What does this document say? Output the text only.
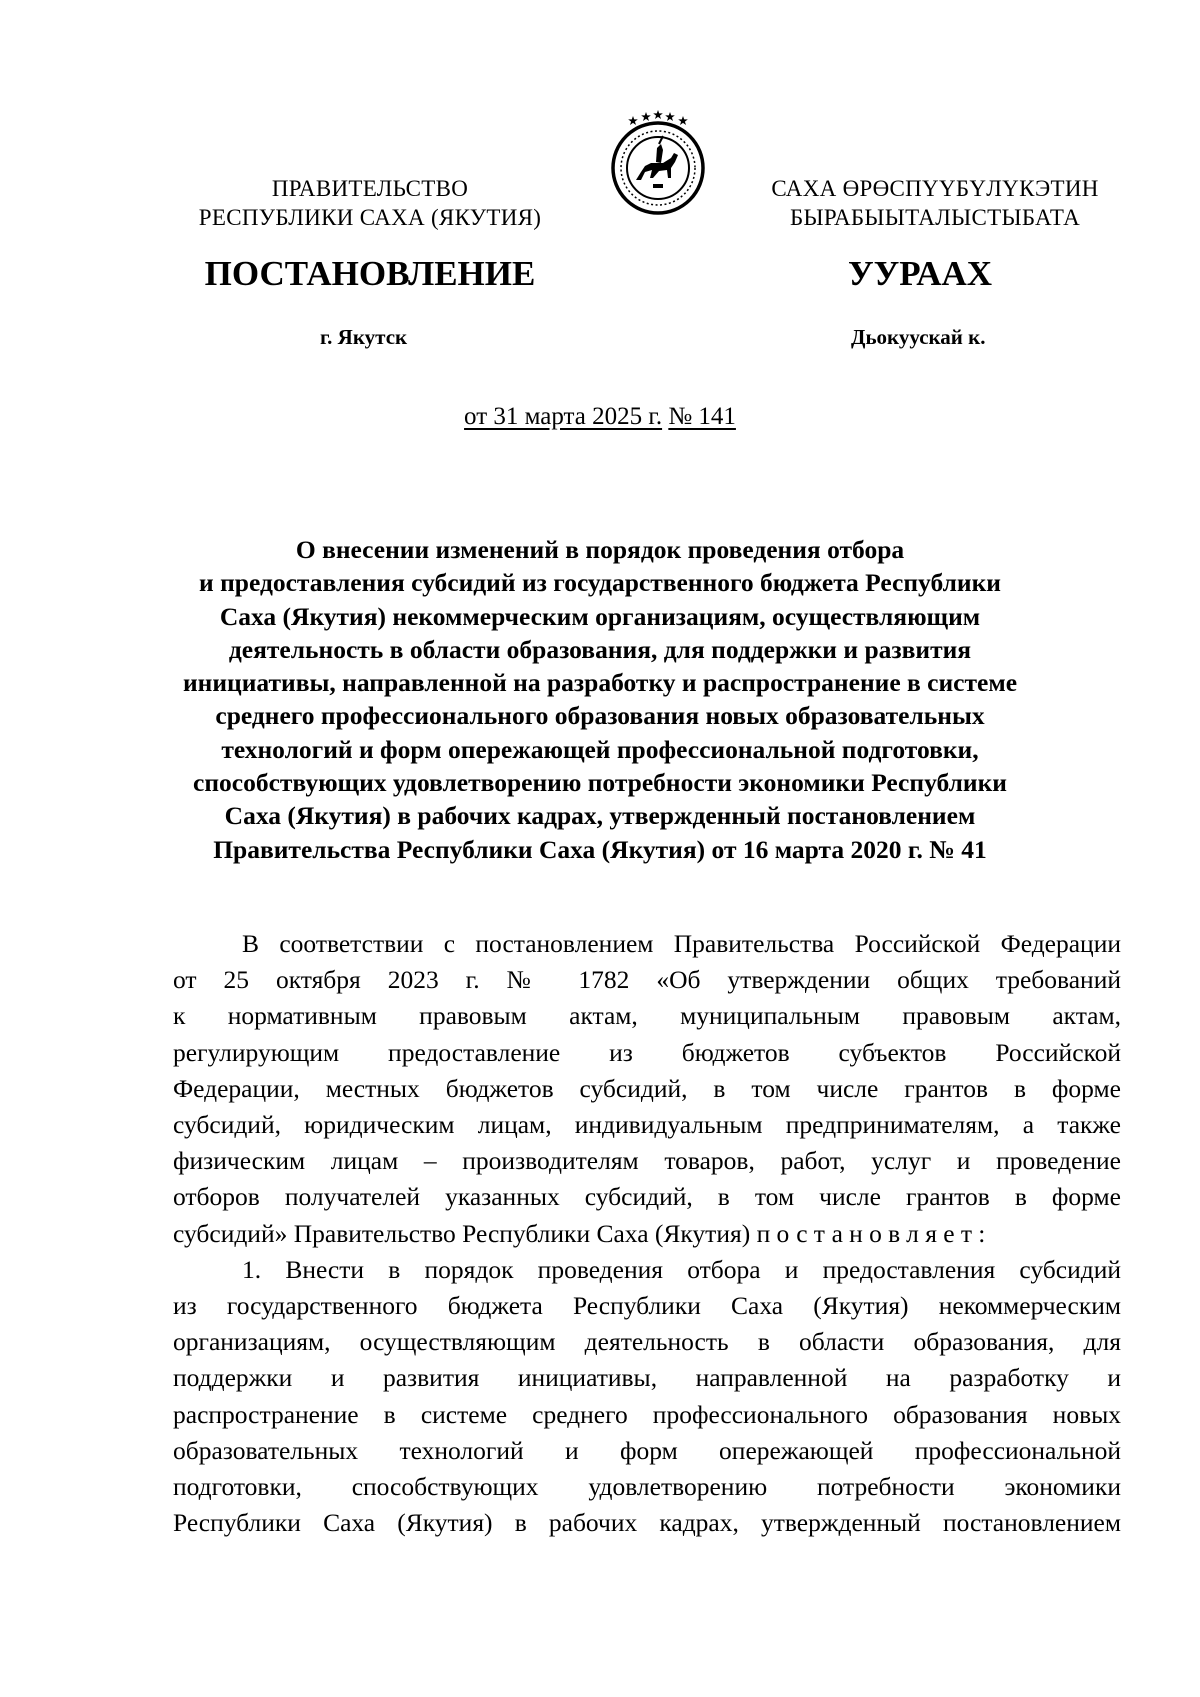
ПРАВИТЕЛЬСТВО
РЕСПУБЛИКИ САХА (ЯКУТИЯ)
САХА ӨРӨСПҮҮБҮЛҮКЭТИН
БЫРАБЫЫТАЛЫСТЫБАТА
ПОСТАНОВЛЕНИЕ	УУРААХ
г. Якутск	Дьокуускай к.
от 31 марта 2025 г. № 141
О внесении изменений в порядок проведения отбора
и предоставления субсидий из государственного бюджета Республики
Саха (Якутия) некоммерческим организациям, осуществляющим
деятельность в области образования, для поддержки и развития
инициативы, направленной на разработку и распространение в системе
среднего профессионального образования новых образовательных
технологий и форм опережающей профессиональной подготовки,
способствующих удовлетворению потребности экономики Республики
Саха (Якутия) в рабочих кадрах, утвержденный постановлением
Правительства Республики Саха (Якутия) от 16 марта 2020 г. № 41
В соответствии с постановлением Правительства Российской Федерации
от 25 октября 2023 г. № 1782 «Об утверждении общих требований
к нормативным правовым актам, муниципальным правовым актам,
регулирующим предоставление из бюджетов субъектов Российской
Федерации, местных бюджетов субсидий, в том числе грантов в форме
субсидий, юридическим лицам, индивидуальным предпринимателям, а также
физическим лицам – производителям товаров, работ, услуг и проведение
отборов получателей указанных субсидий, в том числе грантов в форме
субсидий» Правительство Республики Саха (Якутия) постановляет:
1. Внести в порядок проведения отбора и предоставления субсидий
из государственного бюджета Республики Саха (Якутия) некоммерческим
организациям, осуществляющим деятельность в области образования, для
поддержки и развития инициативы, направленной на разработку и
распространение в системе среднего профессионального образования новых
образовательных технологий и форм опережающей профессиональной
подготовки, способствующих удовлетворению потребности экономики
Республики Саха (Якутия) в рабочих кадрах, утвержденный постановлением
